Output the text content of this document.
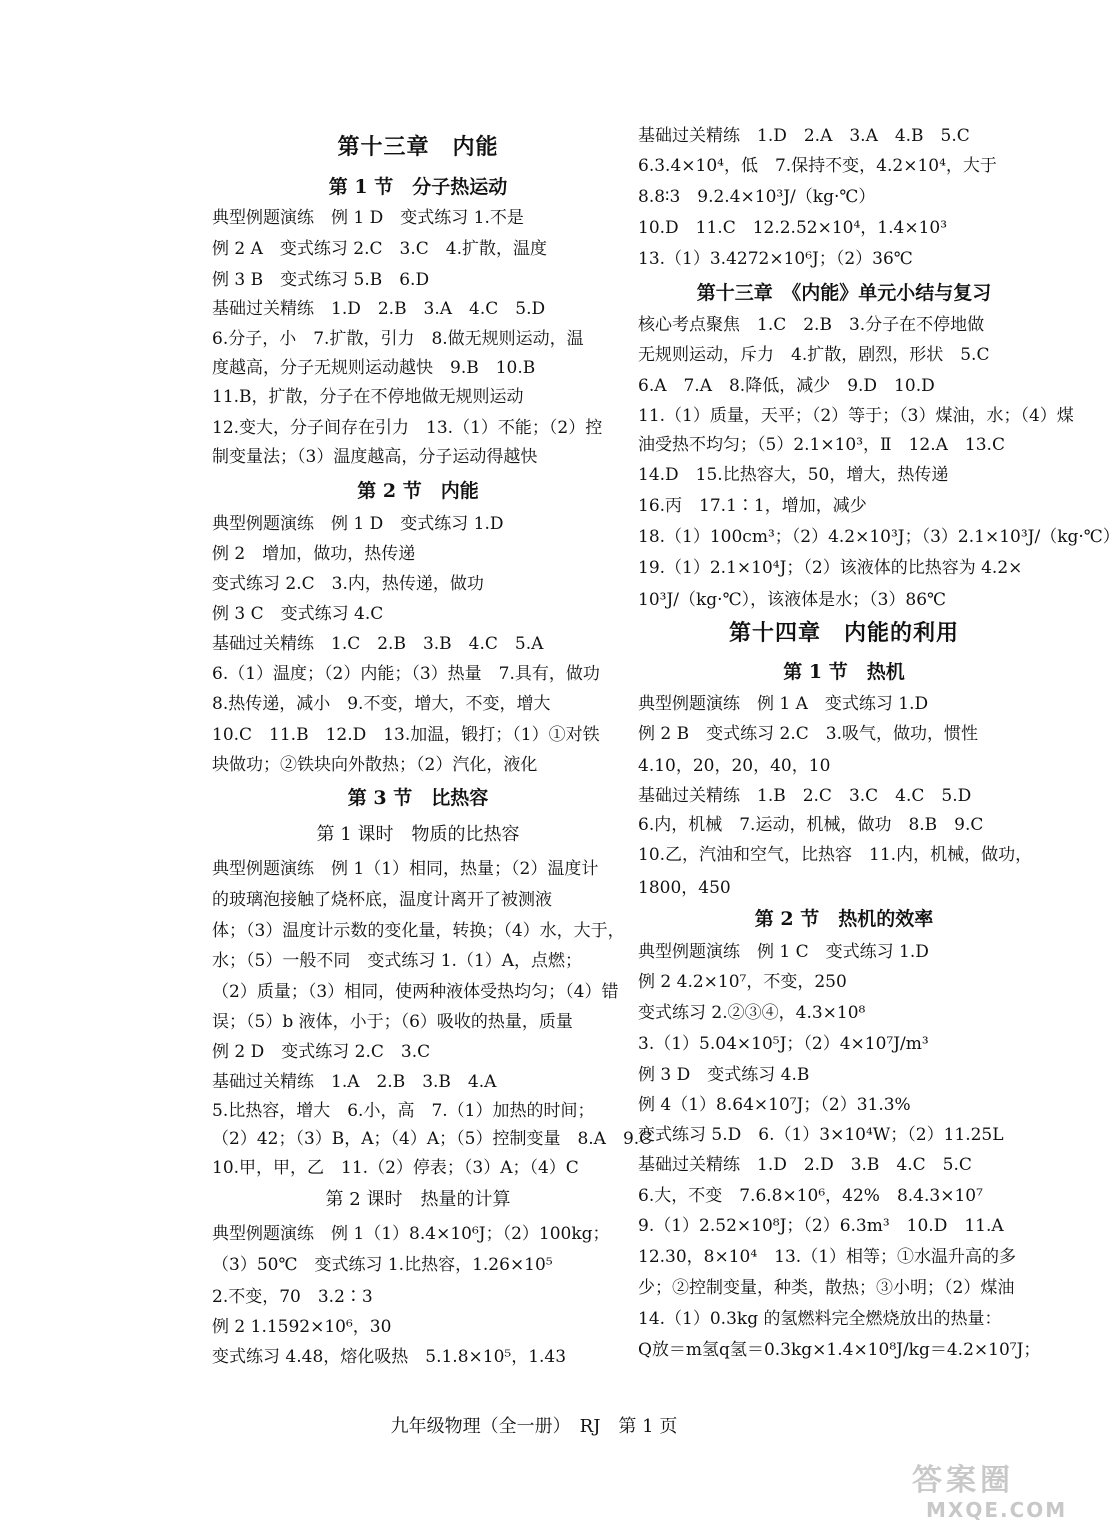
第十三章　内能
第 1 节　分子热运动
典型例题演练　例 1 D　变式练习 1.不是
例 2 A　变式练习 2.C　3.C　4.扩散，温度
例 3 B　变式练习 5.B　6.D
基础过关精练　1.D　2.B　3.A　4.C　5.D
6.分子，小　7.扩散，引力　8.做无规则运动，温
度越高，分子无规则运动越快　9.B　10.B
11.B，扩散，分子在不停地做无规则运动
12.变大，分子间存在引力　13.（1）不能；（2）控
制变量法；（3）温度越高，分子运动得越快
第 2 节　内能
典型例题演练　例 1 D　变式练习 1.D
例 2　增加，做功，热传递
变式练习 2.C　3.内，热传递，做功
例 3 C　变式练习 4.C
基础过关精练　1.C　2.B　3.B　4.C　5.A
6.（1）温度；（2）内能；（3）热量　7.具有，做功
8.热传递，减小　9.不变，增大，不变，增大
10.C　11.B　12.D　13.加温，锻打；（1）①对铁
块做功；②铁块向外散热；（2）汽化，液化
第 3 节　比热容
第 1 课时　物质的比热容
典型例题演练　例 1（1）相同，热量；（2）温度计
的玻璃泡接触了烧杯底，温度计离开了被测液
体；（3）温度计示数的变化量，转换；（4）水，大于，
水；（5）一般不同　变式练习 1.（1）A，点燃；
（2）质量；（3）相同，使两种液体受热均匀；（4）错
误；（5）b 液体，小于；（6）吸收的热量，质量
例 2 D　变式练习 2.C　3.C
基础过关精练　1.A　2.B　3.B　4.A
5.比热容，增大　6.小，高　7.（1）加热的时间；
（2）42；（3）B，A；（4）A；（5）控制变量　8.A　9.C
10.甲，甲，乙　11.（2）停表；（3）A；（4）C
第 2 课时　热量的计算
典型例题演练　例 1（1）8.4×10⁶J；（2）100kg；
（3）50℃　变式练习 1.比热容，1.26×10⁵
2.不变，70　3.2∶3
例 2 1.1592×10⁶，30
变式练习 4.48，熔化吸热　5.1.8×10⁵，1.43
基础过关精练　1.D　2.A　3.A　4.B　5.C
6.3.4×10⁴，低　7.保持不变，4.2×10⁴，大于
8.8∶3　9.2.4×10³J/（kg·℃）
10.D　11.C　12.2.52×10⁴，1.4×10³
13.（1）3.4272×10⁶J；（2）36℃
第十三章　《内能》单元小结与复习
核心考点聚焦　1.C　2.B　3.分子在不停地做
无规则运动，斥力　4.扩散，剧烈，形状　5.C
6.A　7.A　8.降低，减少　9.D　10.D
11.（1）质量，天平；（2）等于；（3）煤油，水；（4）煤
油受热不均匀；（5）2.1×10³，Ⅱ　12.A　13.C
14.D　15.比热容大，50，增大，热传递
16.丙　17.1∶1，增加，减少
18.（1）100cm³；（2）4.2×10³J；（3）2.1×10³J/（kg·℃）
19.（1）2.1×10⁴J；（2）该液体的比热容为 4.2×
10³J/（kg·℃），该液体是水；（3）86℃
第十四章　内能的利用
第 1 节　热机
典型例题演练　例 1 A　变式练习 1.D
例 2 B　变式练习 2.C　3.吸气，做功，惯性
4.10，20，20，40，10
基础过关精练　1.B　2.C　3.C　4.C　5.D
6.内，机械　7.运动，机械，做功　8.B　9.C
10.乙，汽油和空气，比热容　11.内，机械，做功，
1800，450
第 2 节　热机的效率
典型例题演练　例 1 C　变式练习 1.D
例 2 4.2×10⁷，不变，250
变式练习 2.②③④，4.3×10⁸
3.（1）5.04×10⁵J；（2）4×10⁷J/m³
例 3 D　变式练习 4.B
例 4（1）8.64×10⁷J；（2）31.3%
变式练习 5.D　6.（1）3×10⁴W；（2）11.25L
基础过关精练　1.D　2.D　3.B　4.C　5.C
6.大，不变　7.6.8×10⁶，42%　8.4.3×10⁷
9.（1）2.52×10⁸J；（2）6.3m³　10.D　11.A
12.30，8×10⁴　13.（1）相等；①水温升高的多
少；②控制变量，种类，散热；③小明；（2）煤油
14.（1）0.3kg 的氢燃料完全燃烧放出的热量：
Q放＝m氢q氢＝0.3kg×1.4×10⁸J/kg＝4.2×10⁷J；
九年级物理（全一册）　RJ　第 1 页
答案圈
MXQE.COM
